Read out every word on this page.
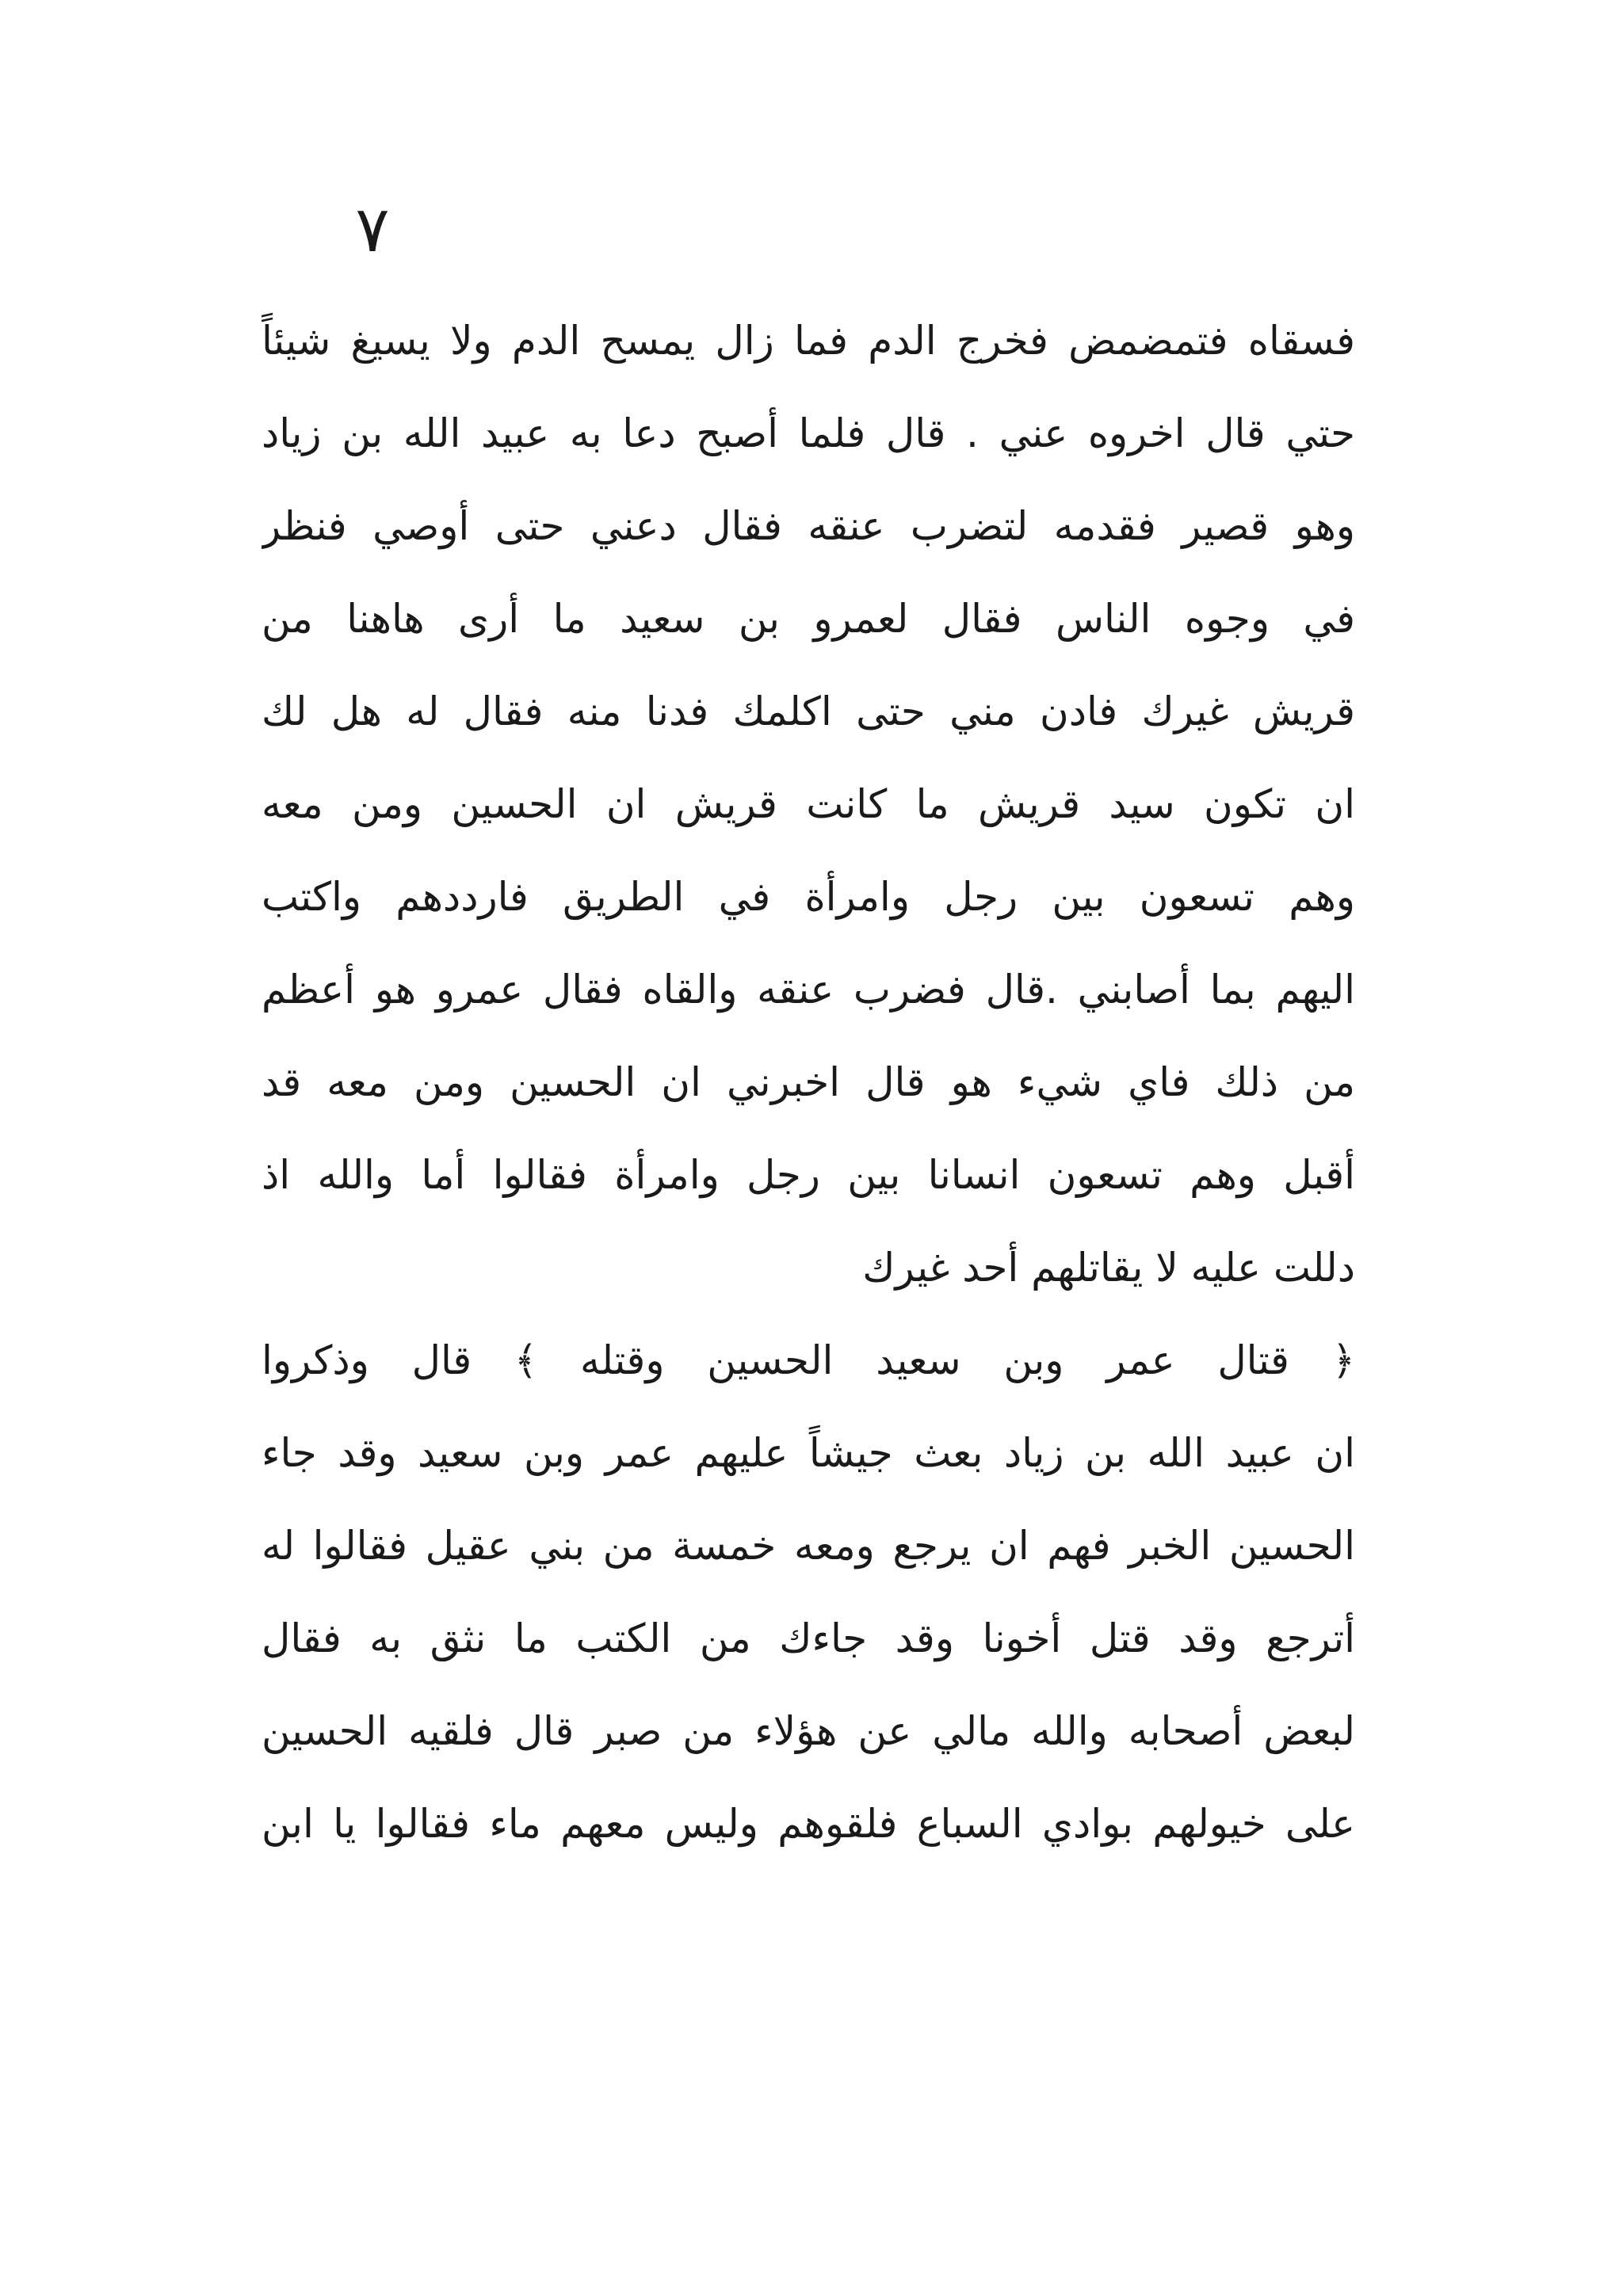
٧
فسقاه فتمضمض فخرج الدم فما زال يمسح الدم ولا يسيغ شيئاً
حتي قال اخروه عني . قال فلما أصبح دعا به عبيد الله بن زياد
وهو قصير فقدمه لتضرب عنقه فقال دعني حتى أوصي فنظر
في وجوه الناس فقال لعمرو بن سعيد ما أرى هاهنا من
قريش غيرك فادن مني حتى اكلمك فدنا منه فقال له هل لك
ان تكون سيد قريش ما كانت قريش ان الحسين ومن معه
وهم تسعون بين رجل وامرأة في الطريق فارددهم واكتب
اليهم بما أصابني .قال فضرب عنقه والقاه فقال عمرو هو أعظم
من ذلك فاي شيء هو قال اخبرني ان الحسين ومن معه قد
أقبل وهم تسعون انسانا بين رجل وامرأة فقالوا أما والله اذ
دللت عليه لا يقاتلهم أحد غيرك
﴿ قتال عمر وبن سعيد الحسين وقتله ﴾ قال وذكروا
ان عبيد الله بن زياد بعث جيشاً عليهم عمر وبن سعيد وقد جاء
الحسين الخبر فهم ان يرجع ومعه خمسة من بني عقيل فقالوا له
أترجع وقد قتل أخونا وقد جاءك من الكتب ما نثق به فقال
لبعض أصحابه والله مالي عن هؤلاء من صبر قال فلقيه الحسين
على خيولهم بوادي السباع فلقوهم وليس معهم ماء فقالوا يا ابن
